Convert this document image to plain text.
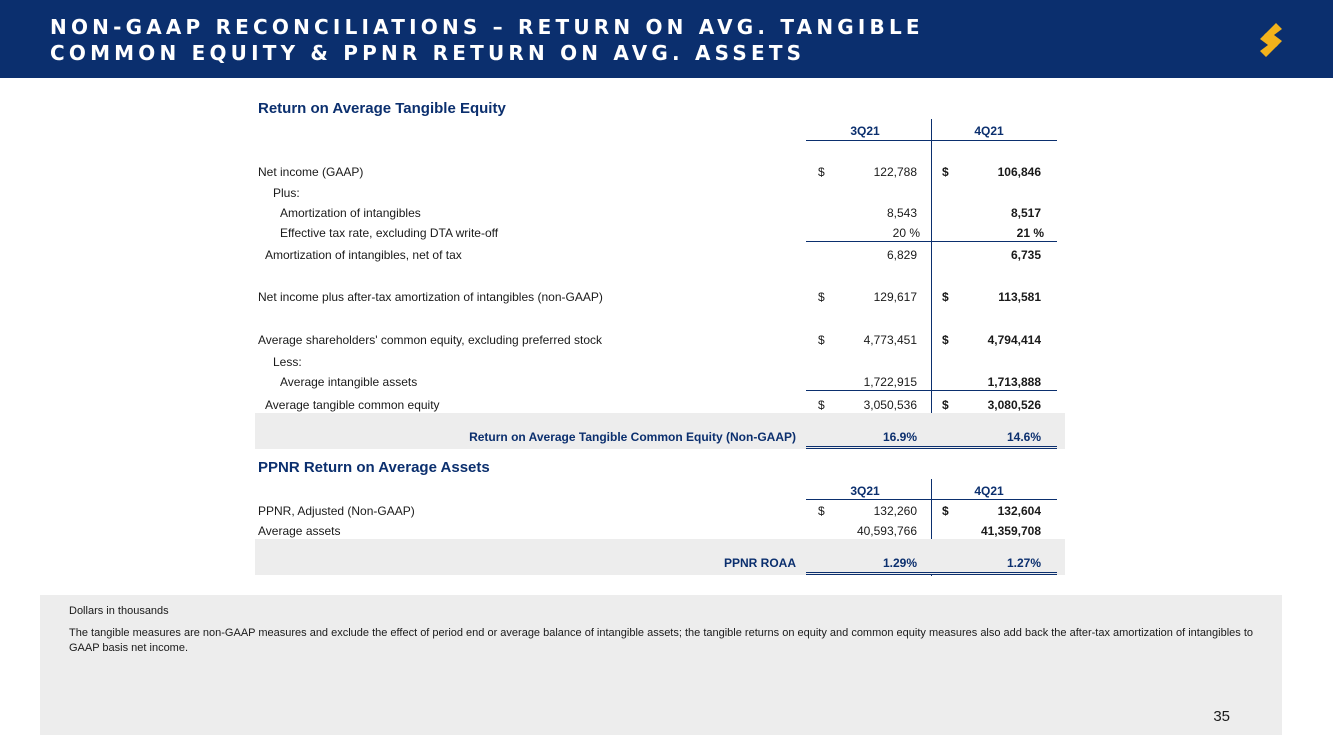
NON-GAAP RECONCILIATIONS – RETURN ON AVG. TANGIBLE
COMMON EQUITY & PPNR RETURN ON AVG. ASSETS
Return on Average Tangible Equity
3Q21	4Q21
Net income (GAAP)	$	122,788 $	106,846
Plus:
Amortization of intangibles	8,543	8,517
Effective tax rate, excluding DTA write-off	20 %	21 %
Amortization of intangibles, net of tax	6,829	6,735
Net income plus after-tax amortization of intangibles (non-GAAP)	$	129,617 $	113,581
Average shareholders' common equity, excluding preferred stock	$	4,773,451 $	4,794,414
Less:
Average intangible assets	1,722,915	1,713,888
Average tangible common equity	$	3,050,536 $	3,080,526
Return on Average Tangible Common Equity (Non-GAAP)	16.9%	14.6%
PPNR Return on Average Assets
3Q21	4Q21
PPNR, Adjusted (Non-GAAP)	$	132,260 $	132,604
Average assets	40,593,766	41,359,708
PPNR ROAA	1.29%	1.27%
Dollars in thousands
The tangible measures are non-GAAP measures and exclude the effect of period end or average balance of intangible assets; the tangible returns on equity and common equity measures also add back the after-tax amortization of intangibles to GAAP basis net income.
35
